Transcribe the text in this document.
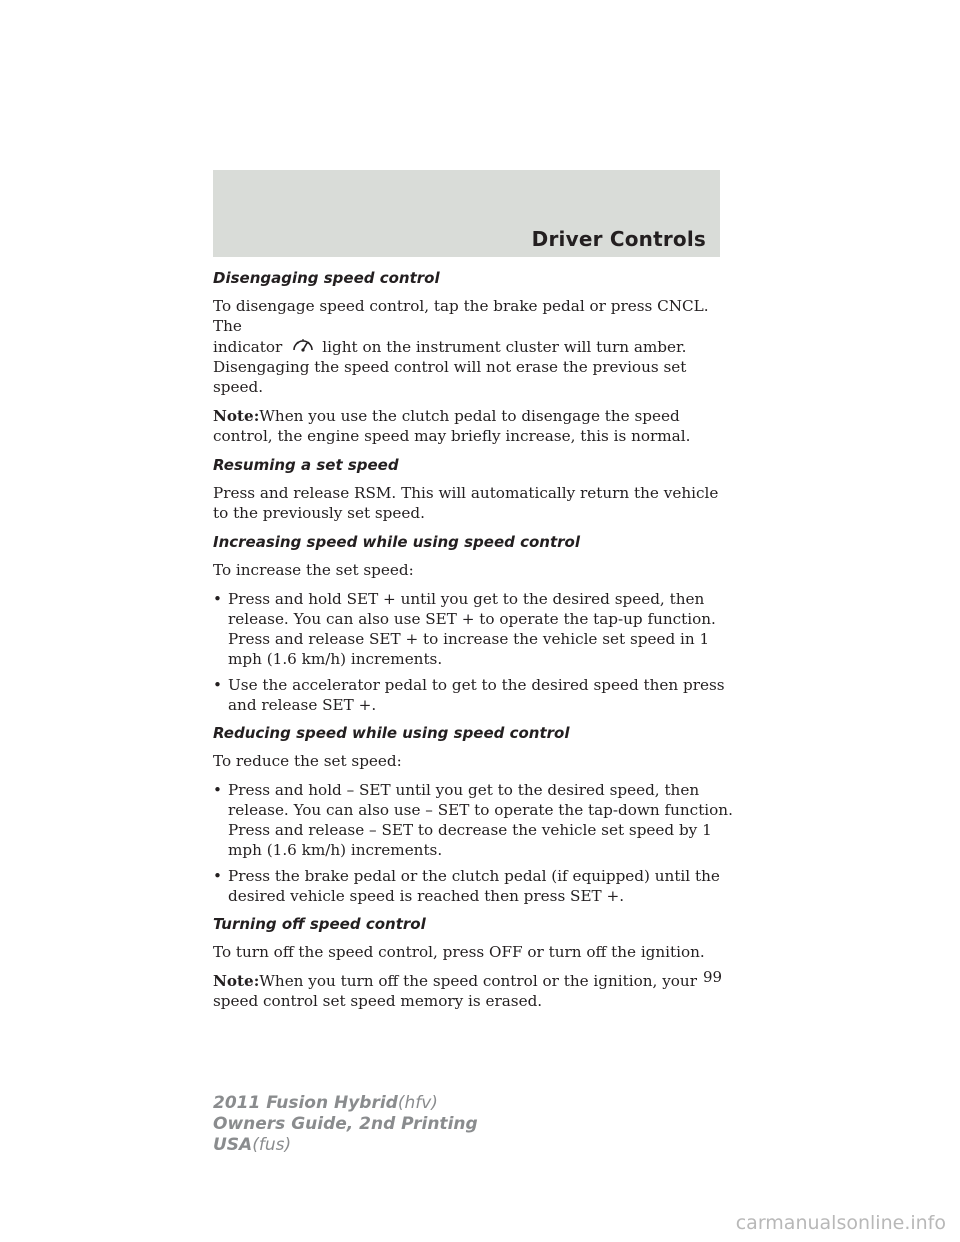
Driver Controls
Disengaging speed control

To disengage speed control, tap the brake pedal or press CNCL. The
indicator	light on the instrument cluster will turn amber.
Disengaging the speed control will not erase the previous set speed.

Note:When you use the clutch pedal to disengage the speed control, the engine speed may briefly increase, this is normal.

Resuming a set speed

Press and release RSM. This will automatically return the vehicle to the previously set speed.

Increasing speed while using speed control

To increase the set speed:

• Press and hold SET + until you get to the desired speed, then release. You can also use SET + to operate the tap-up function. Press and release SET + to increase the vehicle set speed in 1 mph (1.6 km/h) increments.
• Use the accelerator pedal to get to the desired speed then press and release SET +.
Reducing speed while using speed control

To reduce the set speed:

• Press and hold – SET until you get to the desired speed, then release. You can also use – SET to operate the tap-down function. Press and release – SET to decrease the vehicle set speed by 1 mph (1.6 km/h) increments.
• Press the brake pedal or the clutch pedal (if equipped) until the desired vehicle speed is reached then press SET +.
Turning off speed control

To turn off the speed control, press OFF or turn off the ignition.

Note:When you turn off the speed control or the ignition, your speed control set speed memory is erased.

99
2011 Fusion Hybrid(hfv)
Owners Guide, 2nd Printing
USA(fus)
carmanualsonline.info
